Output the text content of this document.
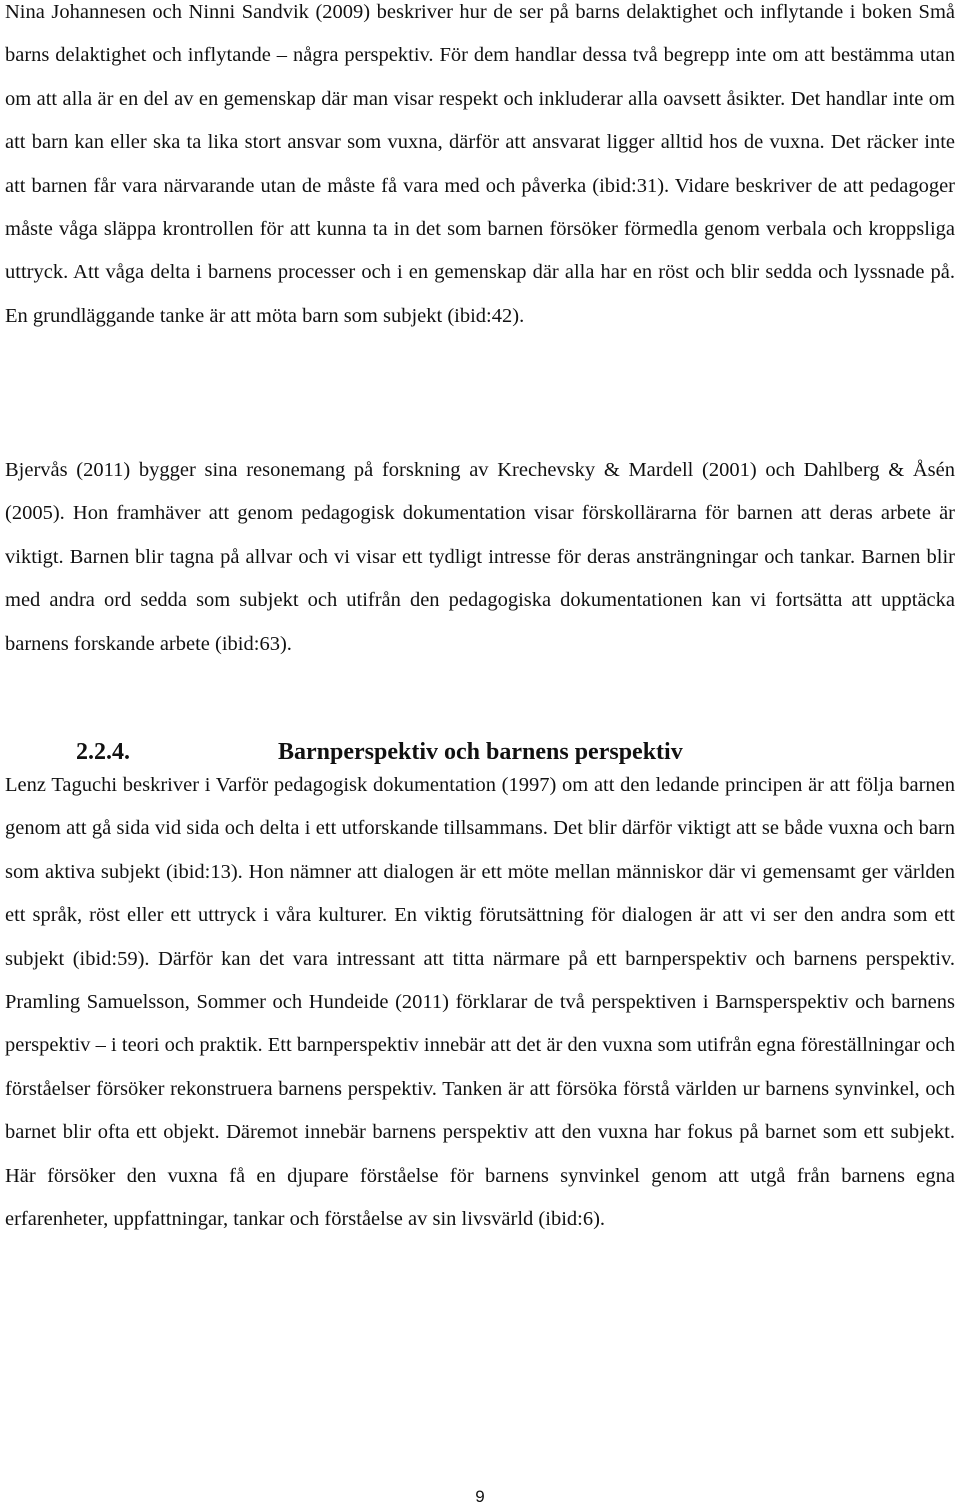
Nina Johannesen och Ninni Sandvik (2009) beskriver hur de ser på barns delaktighet och inflytande i boken Små barns delaktighet och inflytande – några perspektiv. För dem handlar dessa två begrepp inte om att bestämma utan om att alla är en del av en gemenskap där man visar respekt och inkluderar alla oavsett åsikter. Det handlar inte om att barn kan eller ska ta lika stort ansvar som vuxna, därför att ansvarat ligger alltid hos de vuxna. Det räcker inte att barnen får vara närvarande utan de måste få vara med och påverka (ibid:31). Vidare beskriver de att pedagoger måste våga släppa krontrollen för att kunna ta in det som barnen försöker förmedla genom verbala och kroppsliga uttryck. Att våga delta i barnens processer och i en gemenskap där alla har en röst och blir sedda och lyssnade på. En grundläggande tanke är att möta barn som subjekt (ibid:42).

Bjervås (2011) bygger sina resonemang på forskning av Krechevsky & Mardell (2001) och Dahlberg & Åsén (2005). Hon framhäver att genom pedagogisk dokumentation visar förskollärarna för barnen att deras arbete är viktigt. Barnen blir tagna på allvar och vi visar ett tydligt intresse för deras ansträngningar och tankar. Barnen blir med andra ord sedda som subjekt och utifrån den pedagogiska dokumentationen kan vi fortsätta att upptäcka barnens forskande arbete (ibid:63).

2.2.4.	Barnperspektiv och barnens perspektiv

Lenz Taguchi beskriver i Varför pedagogisk dokumentation (1997) om att den ledande principen är att följa barnen genom att gå sida vid sida och delta i ett utforskande tillsammans. Det blir därför viktigt att se både vuxna och barn som aktiva subjekt (ibid:13). Hon nämner att dialogen är ett möte mellan människor där vi gemensamt ger världen ett språk, röst eller ett uttryck i våra kulturer. En viktig förutsättning för dialogen är att vi ser den andra som ett subjekt (ibid:59). Därför kan det vara intressant att titta närmare på ett barnperspektiv och barnens perspektiv. Pramling Samuelsson, Sommer och Hundeide (2011) förklarar de två perspektiven i Barnsperspektiv och barnens perspektiv – i teori och praktik. Ett barnperspektiv innebär att det är den vuxna som utifrån egna föreställningar och förståelser försöker rekonstruera barnens perspektiv. Tanken är att försöka förstå världen ur barnens synvinkel, och barnet blir ofta ett objekt. Däremot innebär barnens perspektiv att den vuxna har fokus på barnet som ett subjekt. Här försöker den vuxna få en djupare förståelse för barnens synvinkel genom att utgå från barnens egna erfarenheter, uppfattningar, tankar och förståelse av sin livsvärld (ibid:6).

9
